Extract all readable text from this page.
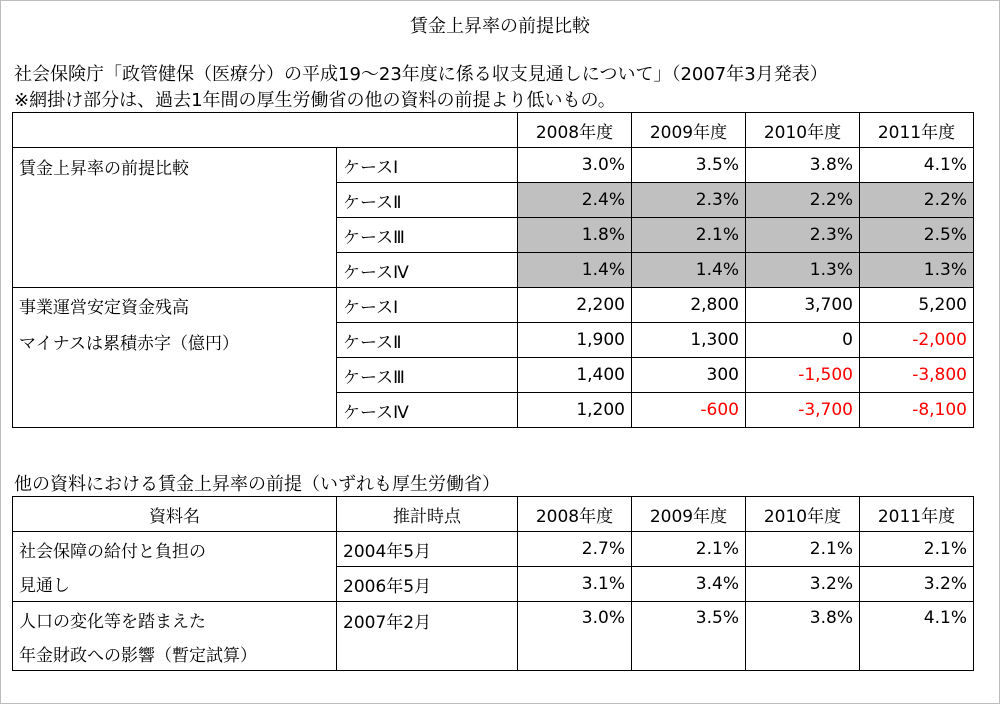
賃金上昇率の前提比較
社会保険庁「政管健保（医療分）の平成19～23年度に係る収支見通しについて」（2007年3月発表）
※網掛け部分は、過去1年間の厚生労働省の他の資料の前提より低いもの。
		2008年度	2009年度	2010年度	2011年度
賃金上昇率の前提比較	ケースⅠ	3.0%	3.5%	3.8%	4.1%
	ケースⅡ	2.4%	2.3%	2.2%	2.2%
	ケースⅢ	1.8%	2.1%	2.3%	2.5%
	ケースⅣ	1.4%	1.4%	1.3%	1.3%
事業運営安定資金残高	ケースⅠ	2,200	2,800	3,700	5,200
マイナスは累積赤字（億円）	ケースⅡ	1,900	1,300	0	-2,000
	ケースⅢ	1,400	300	-1,500	-3,800
	ケースⅣ	1,200	-600	-3,700	-8,100
他の資料における賃金上昇率の前提（いずれも厚生労働省）
資料名	推計時点	2008年度	2009年度	2010年度	2011年度
社会保障の給付と負担の	2004年5月	2.7%	2.1%	2.1%	2.1%
見通し	2006年5月	3.1%	3.4%	3.2%	3.2%
人口の変化等を踏まえた	2007年2月	3.0%	3.5%	3.8%	4.1%
年金財政への影響（暫定試算）					
